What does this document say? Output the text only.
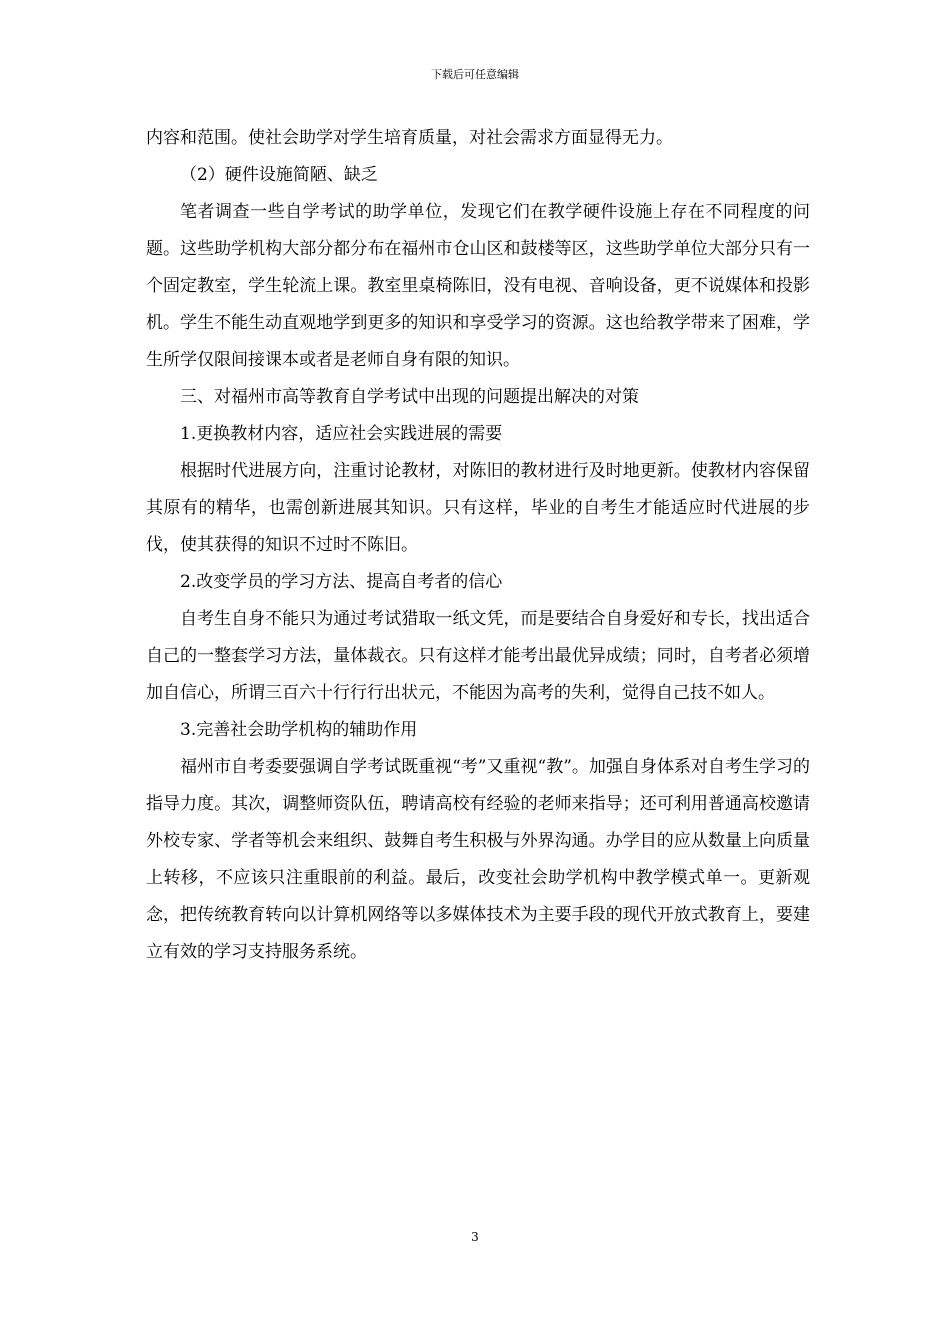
下载后可任意编辑

内容和范围。使社会助学对学生培育质量，对社会需求方面显得无力。

（2）硬件设施简陋、缺乏

笔者调查一些自学考试的助学单位，发现它们在教学硬件设施上存在不同程度的问题。这些助学机构大部分都分布在福州市仓山区和鼓楼等区，这些助学单位大部分只有一个固定教室，学生轮流上课。教室里桌椅陈旧，没有电视、音响设备，更不说媒体和投影机。学生不能生动直观地学到更多的知识和享受学习的资源。这也给教学带来了困难，学生所学仅限间接课本或者是老师自身有限的知识。

三、对福州市高等教育自学考试中出现的问题提出解决的对策

1.更换教材内容，适应社会实践进展的需要

根据时代进展方向，注重讨论教材，对陈旧的教材进行及时地更新。使教材内容保留其原有的精华，也需创新进展其知识。只有这样，毕业的自考生才能适应时代进展的步伐，使其获得的知识不过时不陈旧。

2.改变学员的学习方法、提高自考者的信心

自考生自身不能只为通过考试猎取一纸文凭，而是要结合自身爱好和专长，找出适合自己的一整套学习方法，量体裁衣。只有这样才能考出最优异成绩；同时，自考者必须增加自信心，所谓三百六十行行行出状元，不能因为高考的失利，觉得自己技不如人。

3.完善社会助学机构的辅助作用

福州市自考委要强调自学考试既重视“考”又重视“教”。加强自身体系对自考生学习的指导力度。其次，调整师资队伍，聘请高校有经验的老师来指导；还可利用普通高校邀请外校专家、学者等机会来组织、鼓舞自考生积极与外界沟通。办学目的应从数量上向质量上转移，不应该只注重眼前的利益。最后，改变社会助学机构中教学模式单一。更新观念，把传统教育转向以计算机网络等以多媒体技术为主要手段的现代开放式教育上，要建立有效的学习支持服务系统。

3
